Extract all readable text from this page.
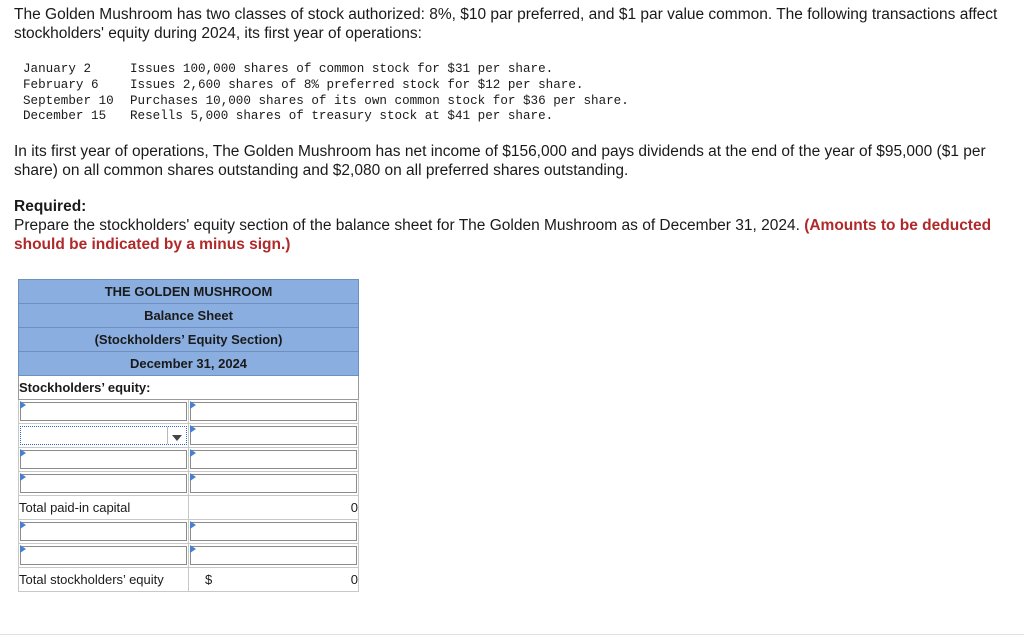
The Golden Mushroom has two classes of stock authorized: 8%, $10 par preferred, and $1 par value common. The following transactions affect stockholders' equity during 2024, its first year of operations:
January 2	Issues 100,000 shares of common stock for $31 per share.
February 6	Issues 2,600 shares of 8% preferred stock for $12 per share.
September 10	Purchases 10,000 shares of its own common stock for $36 per share.
December 15	Resells 5,000 shares of treasury stock at $41 per share.
In its first year of operations, The Golden Mushroom has net income of $156,000 and pays dividends at the end of the year of $95,000 ($1 per share) on all common shares outstanding and $2,080 on all preferred shares outstanding.
Required:
Prepare the stockholders' equity section of the balance sheet for The Golden Mushroom as of December 31, 2024. (Amounts to be deducted should be indicated by a minus sign.)
THE GOLDEN MUSHROOM	
Balance Sheet	
(Stockholders’ Equity Section)	
December 31, 2024	
Stockholders’ equity:	

Total paid-in capital	0

Total stockholders’ equity	$ 0
